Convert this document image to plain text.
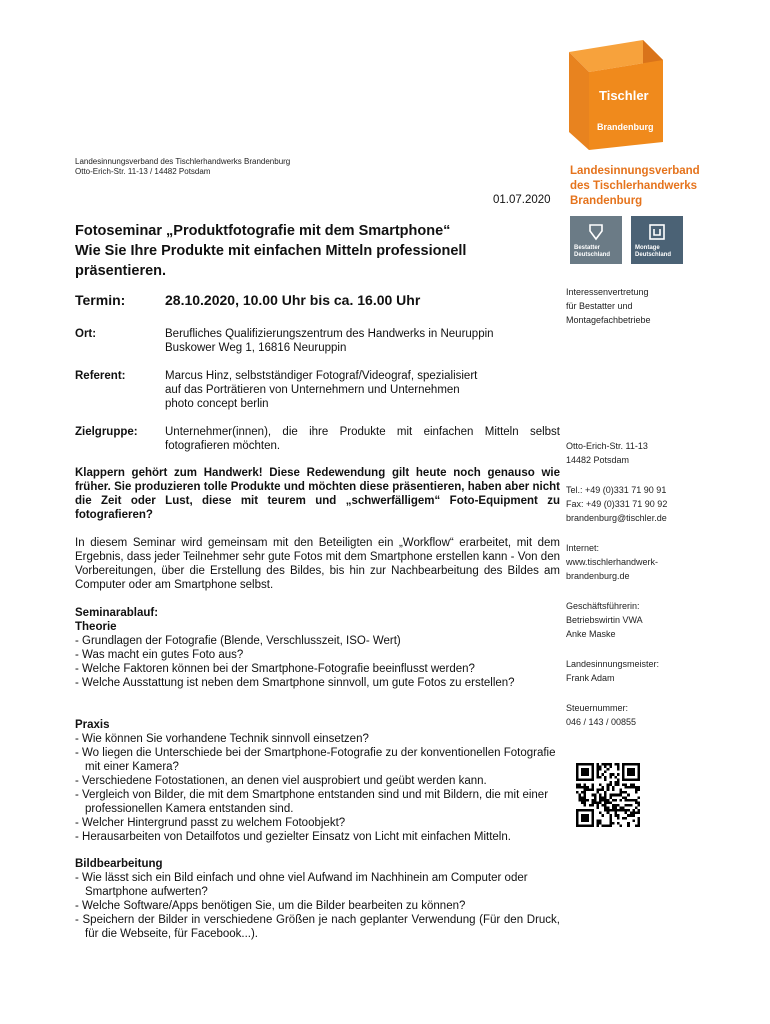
Tischler
Brandenburg
Landesinnungsverband des Tischlerhandwerks Brandenburg
Otto-Erich-Str. 11-13 / 14482 Potsdam	Landesinnungsverband
des Tischlerhandwerks
Brandenburg
01.07.2020
Bestatter
Deutschland
Montage
Deutschland

Interessenvertretung

für Bestatter und

Montagefachbetriebe

Otto-Erich-Str. 11-13

14482 Potsdam

Tel.: +49 (0)331 71 90 91

Fax: +49 (0)331 71 90 92

brandenburg@tischler.de

Internet:

www.tischlerhandwerk-

brandenburg.de

Geschäftsführerin:

Betriebswirtin VWA

Anke Maske

Landesinnungsmeister:

Frank Adam

Steuernummer:

046 / 143 / 00855

Fotoseminar „Produktfotografie mit dem Smartphone“

Wie Sie Ihre Produkte mit einfachen Mitteln professionell

präsentieren.

Termin:	28.10.2020, 10.00 Uhr bis ca. 16.00 Uhr
Ort:	Berufliches Qualifizierungszentrum des Handwerks in Neuruppin

Buskower Weg 1, 16816 Neuruppin

Referent:	Marcus Hinz, selbstständiger Fotograf/Videograf, spezialisiert

auf das Porträtieren von Unternehmern und Unternehmen

photo concept berlin

Zielgruppe: Unternehmer(innen), die ihre Produkte mit einfachen Mitteln selbst fotografieren möchten.

Klappern gehört zum Handwerk! Diese Redewendung gilt heute noch genauso wie früher. Sie produzieren tolle Produkte und möchten diese präsentieren, haben aber nicht die Zeit oder Lust, diese mit teurem und „schwerfälligem“ Foto-Equipment zu fotografieren?

In diesem Seminar wird gemeinsam mit den Beteiligten ein „Workflow“ erarbeitet, mit dem Ergebnis, dass jeder Teilnehmer sehr gute Fotos mit dem Smartphone erstellen kann - Von den Vorbereitungen, über die Erstellung des Bildes, bis hin zur Nachbearbeitung des Bildes am Computer oder am Smartphone selbst.

Seminarablauf:

Theorie

- Grundlagen der Fotografie (Blende, Verschlusszeit, ISO- Wert)
- Was macht ein gutes Foto aus?
- Welche Faktoren können bei der Smartphone-Fotografie beeinflusst werden?
- Welche Ausstattung ist neben dem Smartphone sinnvoll, um gute Fotos zu erstellen?

Praxis

- Wie können Sie vorhandene Technik sinnvoll einsetzen?
- Wo liegen die Unterschiede bei der Smartphone-Fotografie zu der konventionellen Fotografie mit einer Kamera?
- Verschiedene Fotostationen, an denen viel ausprobiert und geübt werden kann.
- Vergleich von Bilder, die mit dem Smartphone entstanden sind und mit Bildern, die mit einer professionellen Kamera entstanden sind.
- Welcher Hintergrund passt zu welchem Fotoobjekt?
- Herausarbeiten von Detailfotos und gezielter Einsatz von Licht mit einfachen Mitteln.

Bildbearbeitung

- Wie lässt sich ein Bild einfach und ohne viel Aufwand im Nachhinein am Computer oder Smartphone aufwerten?
- Welche Software/Apps benötigen Sie, um die Bilder bearbeiten zu können?
- Speichern der Bilder in verschiedene Größen je nach geplanter Verwendung (Für den Druck, für die Webseite, für Facebook...).
